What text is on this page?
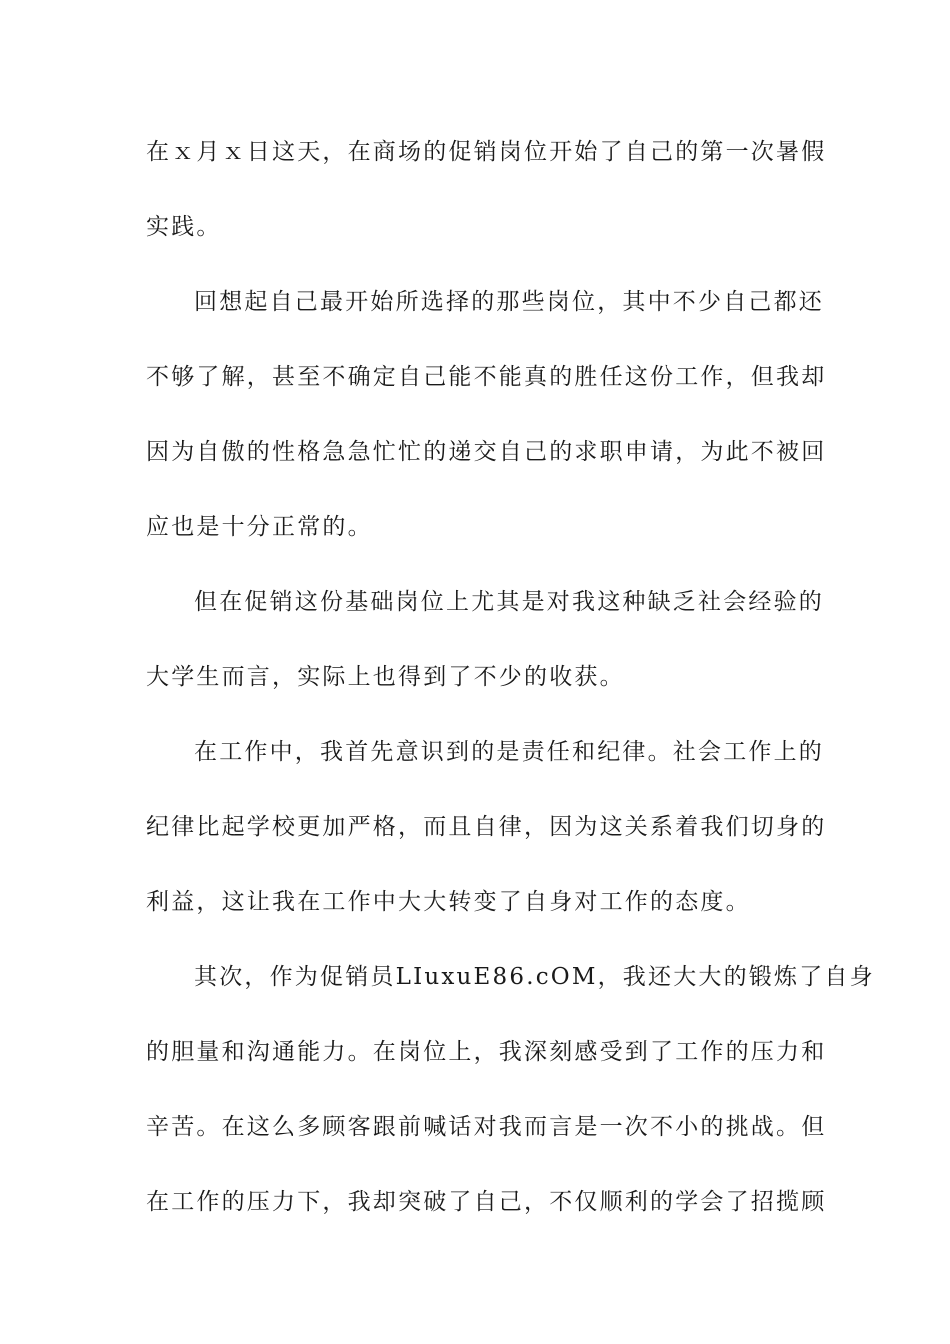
在ｘ月ｘ日这天，在商场的促销岗位开始了自己的第一次暑假
实践。
回想起自己最开始所选择的那些岗位，其中不少自己都还
不够了解，甚至不确定自己能不能真的胜任这份工作，但我却
因为自傲的性格急急忙忙的递交自己的求职申请，为此不被回
应也是十分正常的。
但在促销这份基础岗位上尤其是对我这种缺乏社会经验的
大学生而言，实际上也得到了不少的收获。
在工作中，我首先意识到的是责任和纪律。社会工作上的
纪律比起学校更加严格，而且自律，因为这关系着我们切身的
利益，这让我在工作中大大转变了自身对工作的态度。
其次，作为促销员LIuxuE86.cOM，我还大大的锻炼了自身
的胆量和沟通能力。在岗位上，我深刻感受到了工作的压力和
辛苦。在这么多顾客跟前喊话对我而言是一次不小的挑战。但
在工作的压力下，我却突破了自己，不仅顺利的学会了招揽顾
